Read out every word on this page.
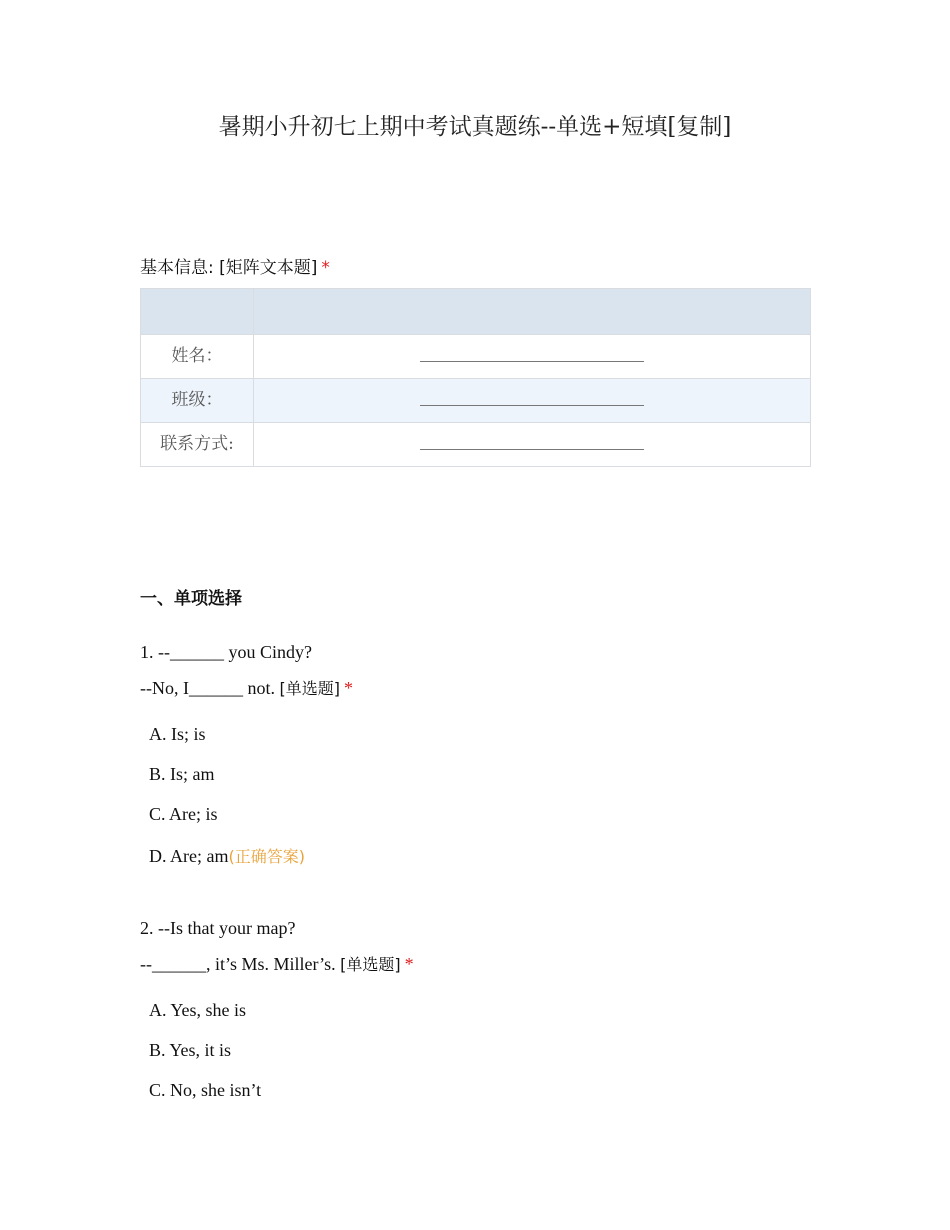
暑期小升初七上期中考试真题练--单选+短填[复制]
基本信息: [矩阵文本题] *

姓名：	
班级：	
联系方式:	
一、单项选择
1. --______ you Cindy?
--No, I______ not. [单选题] *
A. Is; is
B. Is; am
C. Are; is
D. Are; am(正确答案)
2. --Is that your map?
--______, it’s Ms. Miller’s. [单选题] *
A. Yes, she is
B. Yes, it is
C. No, she isn’t
